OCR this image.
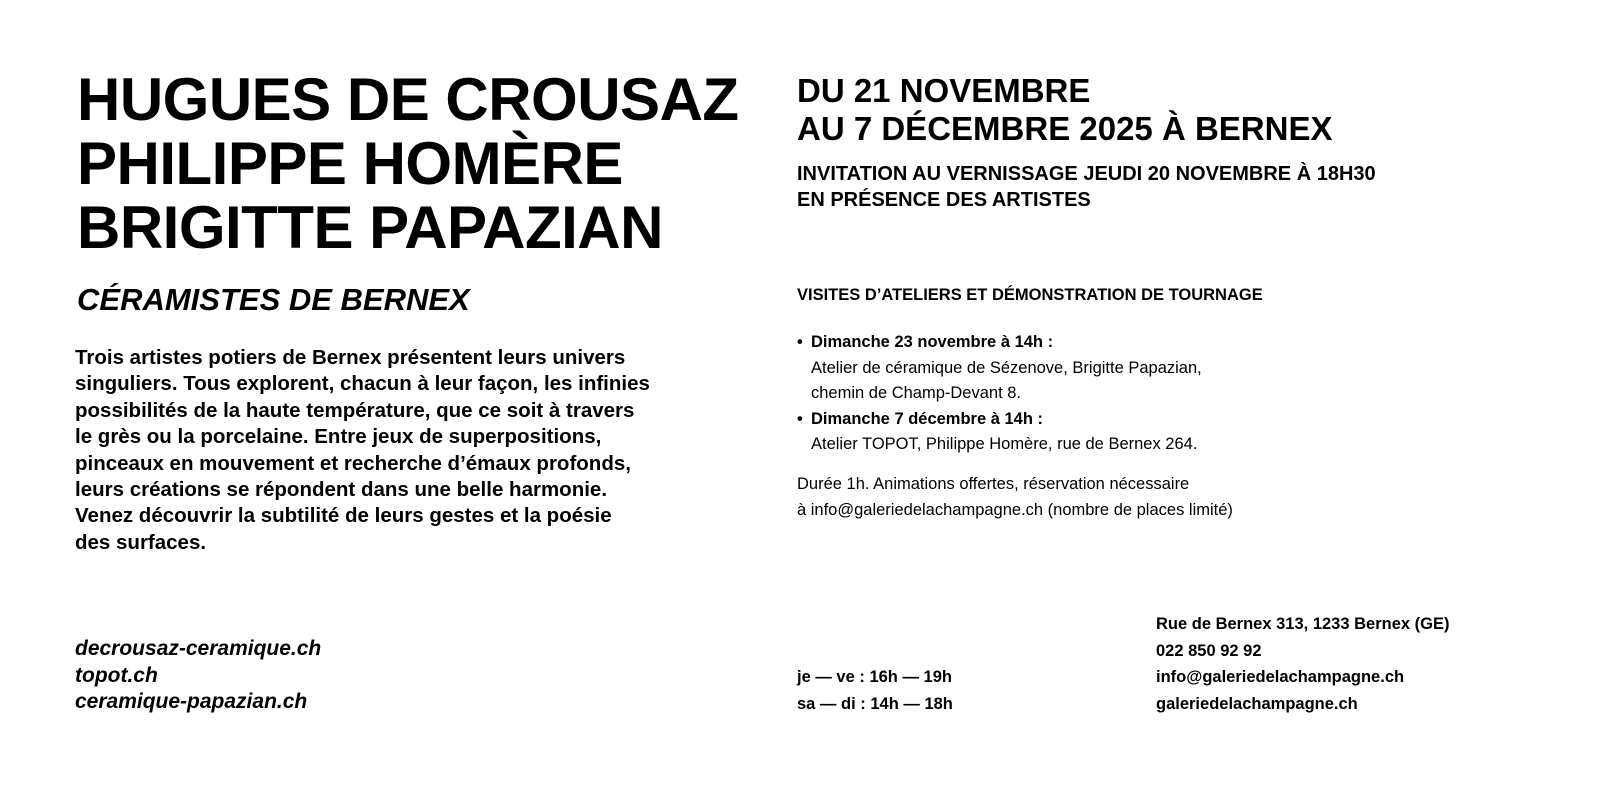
HUGUES DE CROUSAZ
PHILIPPE HOMÈRE
BRIGITTE PAPAZIAN
CÉRAMISTES DE BERNEX

Trois artistes potiers de Bernex présentent leurs univers
singuliers. Tous explorent, chacun à leur façon, les infinies
possibilités de la haute température, que ce soit à travers
le grès ou la porcelaine. Entre jeux de superpositions,
pinceaux en mouvement et recherche d’émaux profonds,
leurs créations se répondent dans une belle harmonie.
Venez découvrir la subtilité de leurs gestes et la poésie
des surfaces.

decrousaz-ceramique.ch
topot.ch
ceramique-papazian.ch
DU 21 NOVEMBRE
AU 7 DÉCEMBRE 2025 À BERNEX
INVITATION AU VERNISSAGE JEUDI 20 NOVEMBRE À 18H30
EN PRÉSENCE DES ARTISTES
VISITES D’ATELIERS ET DÉMONSTRATION DE TOURNAGE
• Dimanche 23 novembre à 14h :
Atelier de céramique de Sézenove, Brigitte Papazian,
chemin de Champ-Devant 8.
• Dimanche 7 décembre à 14h :
Atelier TOPOT, Philippe Homère, rue de Bernex 264.

Durée 1h. Animations offertes, réservation nécessaire
à info@galeriedelachampagne.ch (nombre de places limité)

je — ve : 16h — 19h
sa — di : 14h — 18h
Rue de Bernex 313, 1233 Bernex (GE)
022 850 92 92
info@galeriedelachampagne.ch
galeriedelachampagne.ch
